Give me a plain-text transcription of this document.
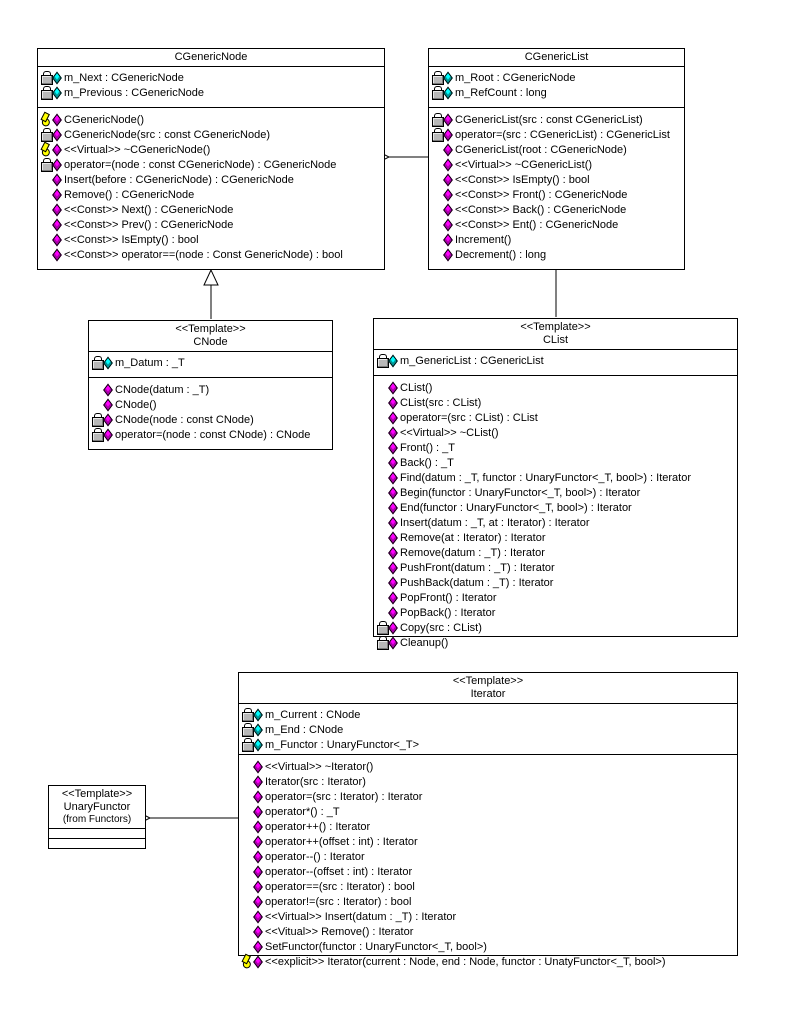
CGenericNode
m_Next : CGenericNode
m_Previous : CGenericNode
CGenericNode()
CGenericNode(src : const CGenericNode)
<<Virtual>> ~CGenericNode()
operator=(node : const CGenericNode) : CGenericNode
Insert(before : CGenericNode) : CGenericNode
Remove() : CGenericNode
<<Const>> Next() : CGenericNode
<<Const>> Prev() : CGenericNode
<<Const>> IsEmpty() : bool
<<Const>> operator==(node : Const GenericNode) : bool
CGenericList
m_Root : CGenericNode
m_RefCount : long
CGenericList(src : const CGenericList)
operator=(src : CGenericList) : CGenericList
CGenericList(root : CGenericNode)
<<Virtual>> ~CGenericList()
<<Const>> IsEmpty() : bool
<<Const>> Front() : CGenericNode
<<Const>> Back() : CGenericNode
<<Const>> Ent() : CGenericNode
Increment()
Decrement() : long
<<Template>>
CNode
m_Datum : _T
CNode(datum : _T)
CNode()
CNode(node : const CNode)
operator=(node : const CNode) : CNode
<<Template>>
CList
m_GenericList : CGenericList
CList()
CList(src : CList)
operator=(src : CList) : CList
<<Virtual>> ~CList()
Front() : _T
Back() : _T
Find(datum : _T, functor : UnaryFunctor<_T, bool>) : Iterator
Begin(functor : UnaryFunctor<_T, bool>) : Iterator
End(functor : UnaryFunctor<_T, bool>) : Iterator
Insert(datum : _T, at : Iterator) : Iterator
Remove(at : Iterator) : Iterator
Remove(datum : _T) : Iterator
PushFront(datum : _T) : Iterator
PushBack(datum : _T) : Iterator
PopFront() : Iterator
PopBack() : Iterator
Copy(src : CList)
Cleanup()
<<Template>>
Iterator
m_Current : CNode
m_End : CNode
m_Functor : UnaryFunctor<_T>
<<Virtual>> ~Iterator()
Iterator(src : Iterator)
operator=(src : Iterator) : Iterator
operator*() : _T
operator++() : Iterator
operator++(offset : int) : Iterator
operator--() : Iterator
operator--(offset : int) : Iterator
operator==(src : Iterator) : bool
operator!=(src : Iterator) : bool
<<Virtual>> Insert(datum : _T) : Iterator
<<Vitual>> Remove() : Iterator
SetFunctor(functor : UnaryFunctor<_T, bool>)
<<explicit>> Iterator(current : Node, end : Node, functor : UnatyFunctor<_T, bool>)
<<Template>>
UnaryFunctor
(from Functors)
